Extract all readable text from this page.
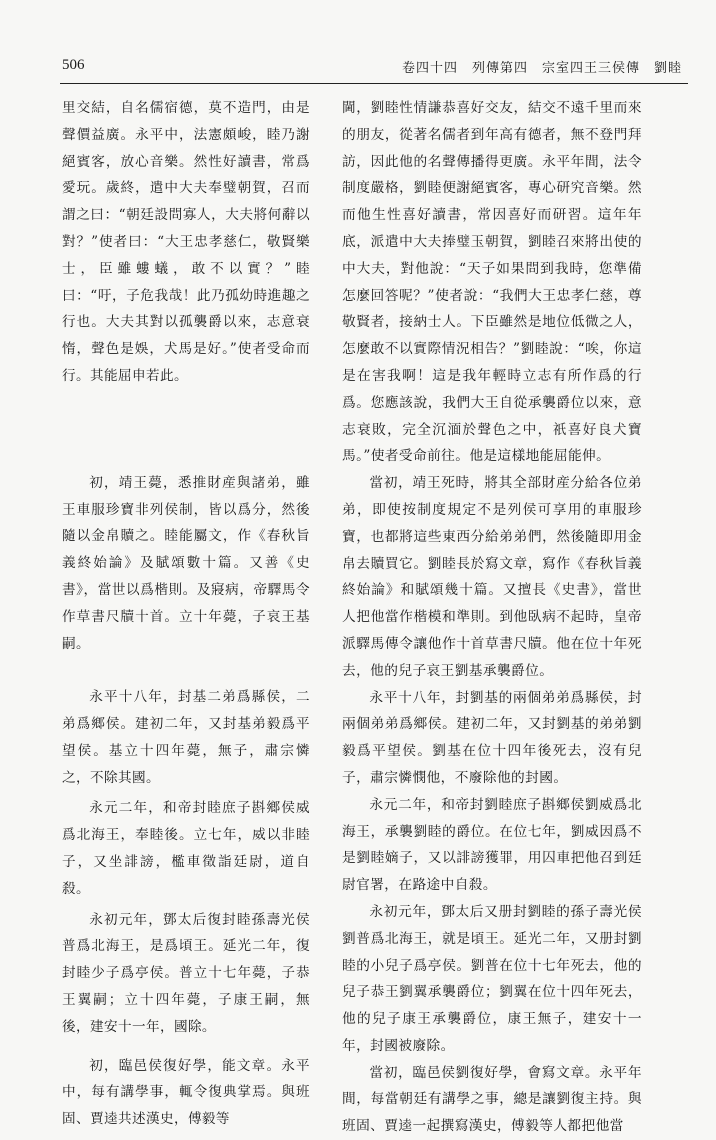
506	卷四十四　列傳第四　宗室四王三侯傳　劉睦

里交結，自名儒宿德，莫不造門，由是聲價益廣。永平中，法憲頗峻，睦乃謝絕賓客，放心音樂。然性好讀書，常爲愛玩。歲終，遣中大夫奉璧朝賀，召而謂之曰：“朝廷設問寡人，大夫將何辭以對？”使者曰：“大王忠孝慈仁，敬賢樂士，臣雖螻蟻，敢不以實？”睦曰：“吁，子危我哉！此乃孤幼時進趣之行也。大夫其對以孤襲爵以來，志意衰惰，聲色是娛，犬馬是好。”使者受命而行。其能屈申若此。

初，靖王薨，悉推財産與諸弟，雖王車服珍寶非列侯制，皆以爲分，然後隨以金帛贖之。睦能屬文，作《春秋旨義終始論》及賦頌數十篇。又善《史書》，當世以爲楷則。及寢病，帝驛馬令作草書尺牘十首。立十年薨，子哀王基嗣。

永平十八年，封基二弟爲縣侯，二弟爲鄉侯。建初二年，又封基弟毅爲平望侯。基立十四年薨，無子，肅宗憐之，不除其國。

永元二年，和帝封睦庶子斟鄉侯威爲北海王，奉睦後。立七年，威以非睦子，又坐誹謗，檻車徵詣廷尉，道自殺。

永初元年，鄧太后復封睦孫壽光侯普爲北海王，是爲頃王。延光二年，復封睦少子爲亭侯。普立十七年薨，子恭王翼嗣；立十四年薨，子康王嗣，無後，建安十一年，國除。

初，臨邑侯復好學，能文章。永平中，每有講學事，輒令復典掌焉。與班固、賈逵共述漢史，傅毅等

閫，劉睦性情謙恭喜好交友，結交不遠千里而來的朋友，從著名儒者到年高有德者，無不登門拜訪，因此他的名聲傳播得更廣。永平年間，法令制度嚴格，劉睦便謝絕賓客，專心研究音樂。然而他生性喜好讀書，常因喜好而研習。這年年底，派遣中大夫捧璧玉朝賀，劉睦召來將出使的中大夫，對他說：“天子如果問到我時，您準備怎麼回答呢？”使者說：“我們大王忠孝仁慈，尊敬賢者，接納士人。下臣雖然是地位低微之人，怎麼敢不以實際情況相告？”劉睦說：“唉，你這是在害我啊！這是我年輕時立志有所作爲的行爲。您應該說，我們大王自從承襲爵位以來，意志衰敗，完全沉湎於聲色之中，祇喜好良犬寶馬。”使者受命前往。他是這樣地能屈能伸。

當初，靖王死時，將其全部財産分給各位弟弟，即使按制度規定不是列侯可享用的車服珍寶，也都將這些東西分給弟弟們，然後隨即用金帛去贖買它。劉睦長於寫文章，寫作《春秋旨義終始論》和賦頌幾十篇。又擅長《史書》，當世人把他當作楷模和準則。到他臥病不起時，皇帝派驛馬傳令讓他作十首草書尺牘。他在位十年死去，他的兒子哀王劉基承襲爵位。

永平十八年，封劉基的兩個弟弟爲縣侯，封兩個弟弟爲鄉侯。建初二年，又封劉基的弟弟劉毅爲平望侯。劉基在位十四年後死去，沒有兒子，肅宗憐憫他，不廢除他的封國。

永元二年，和帝封劉睦庶子斟鄉侯劉威爲北海王，承襲劉睦的爵位。在位七年，劉威因爲不是劉睦嫡子，又以誹謗獲罪，用囚車把他召到廷尉官署，在路途中自殺。

永初元年，鄧太后又册封劉睦的孫子壽光侯劉普爲北海王，就是頃王。延光二年，又册封劉睦的小兒子爲亭侯。劉普在位十七年死去，他的兒子恭王劉翼承襲爵位；劉翼在位十四年死去，他的兒子康王承襲爵位，康王無子，建安十一年，封國被廢除。

當初，臨邑侯劉復好學，會寫文章。永平年間，每當朝廷有講學之事，總是讓劉復主持。與班固、賈逵一起撰寫漢史，傅毅等人都把他當
